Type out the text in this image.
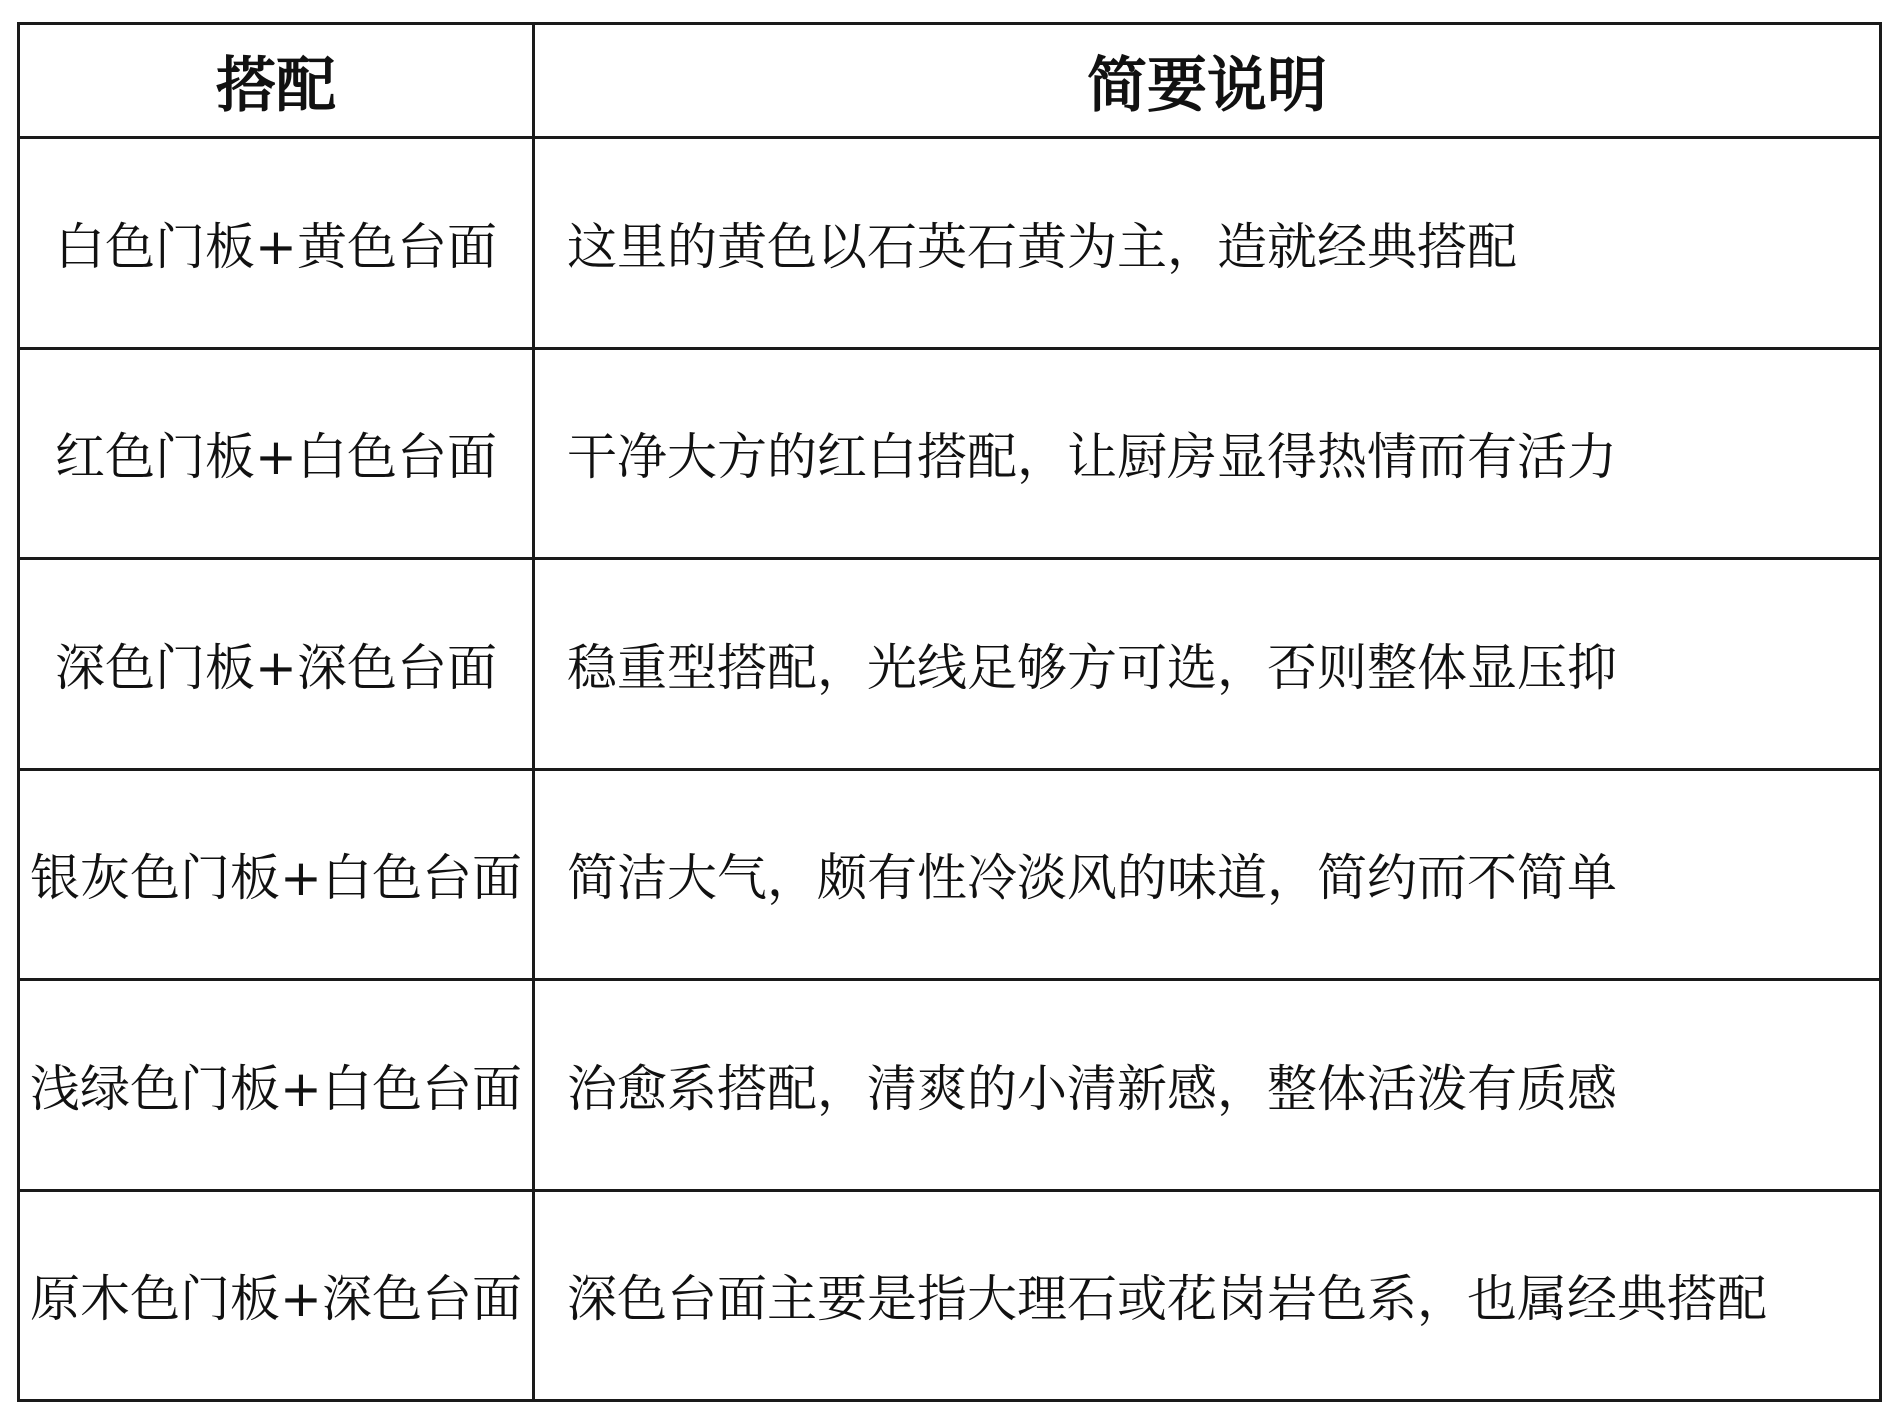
搭配	简要说明
白色门板+黄色台面	这里的黄色以石英石黄为主，造就经典搭配
红色门板+白色台面	干净大方的红白搭配，让厨房显得热情而有活力
深色门板+深色台面	稳重型搭配，光线足够方可选，否则整体显压抑
银灰色门板+白色台面	简洁大气，颇有性冷淡风的味道，简约而不简单
浅绿色门板+白色台面	治愈系搭配，清爽的小清新感，整体活泼有质感
原木色门板+深色台面	深色台面主要是指大理石或花岗岩色系，也属经典搭配
